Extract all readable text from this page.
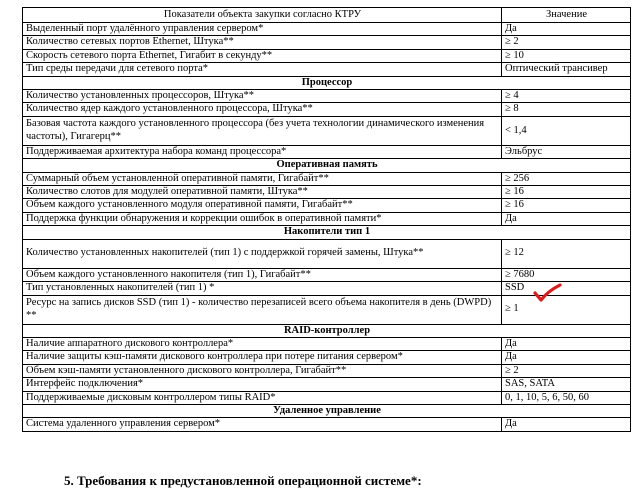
Показатели объекта закупки согласно КТРУ	Значение
Выделенный порт удалённого управления сервером*	Да
Количество сетевых портов Ethernet, Штука**	≥ 2
Скорость сетевого порта Ethernet, Гигабит в секунду**	≥ 10
Тип среды передачи для сетевого порта*	Оптический трансивер
Процессор	
Количество установленных процессоров, Штука**	≥ 4
Количество ядер каждого установленного процессора, Штука**	≥ 8
Базовая частота каждого установленного процессора (без учета технологии динамического изменения частоты), Гигагерц**	< 1,4
Поддерживаемая архитектура набора команд процессора*	Эльбрус
Оперативная память	
Суммарный объем установленной оперативной памяти, Гигабайт**	≥ 256
Количество слотов для модулей оперативной памяти, Штука**	≥ 16
Объем каждого установленного модуля оперативной памяти, Гигабайт**	≥ 16
Поддержка функции обнаружения и коррекции ошибок в оперативной памяти*	Да
Накопители тип 1	
Количество установленных накопителей (тип 1) с поддержкой горячей замены, Штука**	≥ 12
Объем каждого установленного накопителя (тип 1), Гигабайт**	≥ 7680
Тип установленных накопителей (тип 1) *	SSD
Ресурс на запись дисков SSD (тип 1) - количество перезаписей всего объема накопителя в день (DWPD) **	≥ 1
RAID-контроллер	
Наличие аппаратного дискового контроллера*	Да
Наличие защиты кэш-памяти дискового контроллера при потере питания сервером*	Да
Объем кэш-памяти установленного дискового контроллера, Гигабайт**	≥ 2
Интерфейс подключения*	SAS, SATA
Поддерживаемые дисковым контроллером типы RAID*	0, 1, 10, 5, 6, 50, 60
Удаленное управление	
Система удаленного управления сервером*	Да
5. Требования к предустановленной операционной системе*:
